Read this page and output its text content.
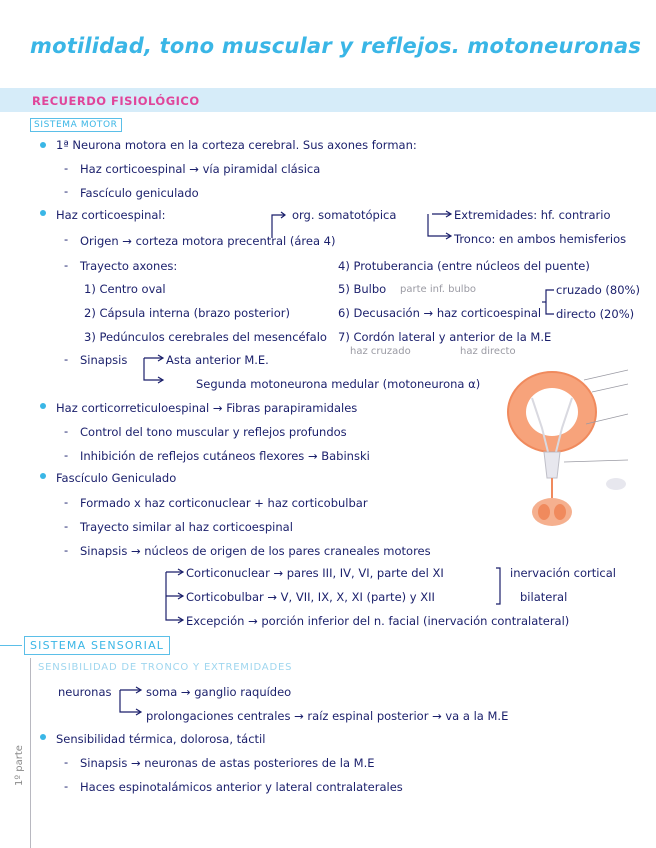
motilidad, tono muscular y reflejos. motoneuronas
RECUERDO FISIOLÓGICO
SISTEMA MOTOR
1ª Neurona motora en la corteza cerebral. Sus axones forman:
- Haz corticoespinal → vía piramidal clásica
- Fascículo geniculado
Haz corticoespinal:	org. somatotópica	Extremidades: hf. contrario
Tronco: en ambos hemisferios
- Origen → corteza motora precentral (área 4)
- Trayecto axones:
1) Centro oval
2) Cápsula interna (brazo posterior)
3) Pedúnculos cerebrales del mesencéfalo
4) Protuberancia (entre núcleos del puente)
5) Bulbo parte inf. bulbo
6) Decusación → haz corticoespinal
cruzado (80%)
directo (20%)
7) Cordón lateral y anterior de la M.E
haz cruzado	haz directo
- Sinapsis	Asta anterior M.E.
Segunda motoneurona medular (motoneurona α)
Haz corticorreticuloespinal → Fibras parapiramidales
- Control del tono muscular y reflejos profundos
- Inhibición de reflejos cutáneos flexores → Babinski
Fascículo Geniculado
- Formado x haz corticonuclear + haz corticobulbar
- Trayecto similar al haz corticoespinal
- Sinapsis → núcleos de origen de los pares craneales motores
Corticonuclear → pares III, IV, VI, parte del XI
Corticobulbar → V, VII, IX, X, XI (parte) y XII
inervación cortical
bilateral
Excepción → porción inferior del n. facial (inervación contralateral)
SISTEMA SENSORIAL
SENSIBILIDAD DE TRONCO Y EXTREMIDADES
neuronas	soma → ganglio raquídeo
prolongaciones centrales → raíz espinal posterior → va a la M.E
Sensibilidad térmica, dolorosa, táctil
- Sinapsis → neuronas de astas posteriores de la M.E
- Haces espinotalámicos anterior y lateral contralaterales
1º parte
